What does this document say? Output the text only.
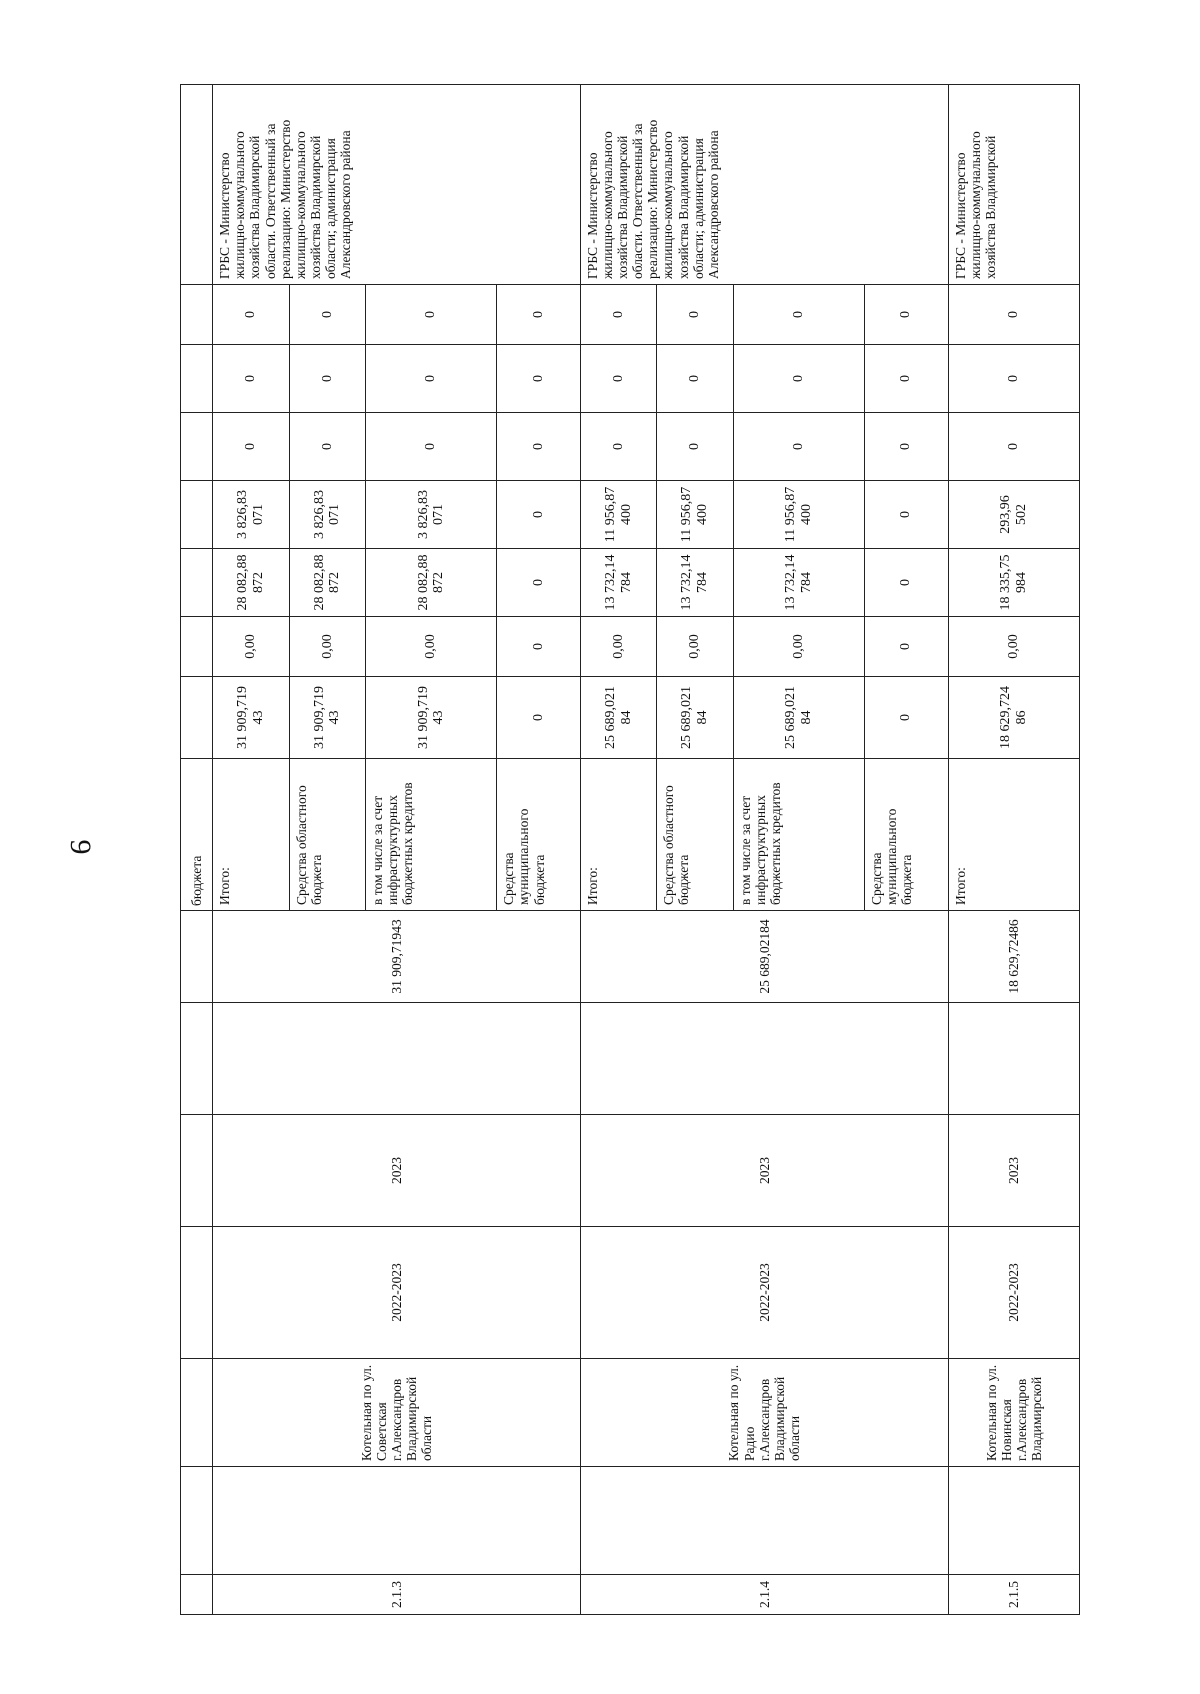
9
							бюджета								
2.1.3		Котельная по ул. Советская г.Александров Владимирской области	2022-2023	2023		31 909,71943	Итого:	31 909,719 43	0,00	28 082,88 872	3 826,83 071	0	0	0	ГРБС - Министерство жилищно-коммунального хозяйства Владимирской области. Ответственный за реализацию: Министерство жилищно-коммунального хозяйства Владимирской области; администрация Александровского района
							Средства областного бюджета	31 909,719 43	0,00	28 082,88 872	3 826,83 071	0	0	0	
							в том числе за счет инфраструктурных бюджетных кредитов	31 909,719 43	0,00	28 082,88 872	3 826,83 071	0	0	0	
							Средства муниципального бюджета	0	0	0	0	0	0	0	
2.1.4		Котельная по ул. Радио г.Александров Владимирской области	2022-2023	2023		25 689,02184	Итого:	25 689,021 84	0,00	13 732,14 784	11 956,87 400	0	0	0	ГРБС - Министерство жилищно-коммунального хозяйства Владимирской области. Ответственный за реализацию: Министерство жилищно-коммунального хозяйства Владимирской области; администрация Александровского района
							Средства областного бюджета	25 689,021 84	0,00	13 732,14 784	11 956,87 400	0	0	0	
							в том числе за счет инфраструктурных бюджетных кредитов	25 689,021 84	0,00	13 732,14 784	11 956,87 400	0	0	0	
							Средства муниципального бюджета	0	0	0	0	0	0	0	
2.1.5		Котельная по ул. Новинская г.Александров Владимирской	2022-2023	2023		18 629,72486	Итого:	18 629,724 86	0,00	18 335,75 984	293,96 502	0	0	0	ГРБС - Министерство жилищно-коммунального хозяйства Владимирской
